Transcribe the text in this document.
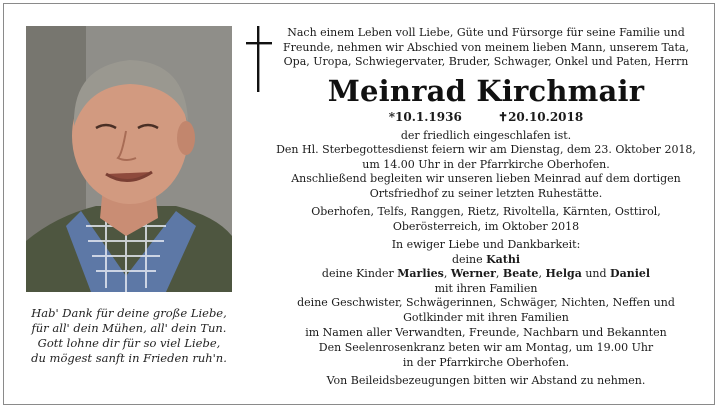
Hab' Dank für deine große Liebe,
für all' dein Mühen, all' dein Tun.
Gott lohne dir für so viel Liebe,
du mögest sanft in Frieden ruh'n.
Nach einem Leben voll Liebe, Güte und Fürsorge für seine Familie und
Freunde, nehmen wir Abschied von meinem lieben Mann, unserem Tata,
Opa, Uropa, Schwiegervater, Bruder, Schwager, Onkel und Paten, Herrn
Meinrad Kirchmair
*10.1.1936	✝20.10.2018
der friedlich eingeschlafen ist.
Den Hl. Sterbegottesdienst feiern wir am Dienstag, dem 23. Oktober 2018,
um 14.00 Uhr in der Pfarrkirche Oberhofen.
Anschließend begleiten wir unseren lieben Meinrad auf dem dortigen
Ortsfriedhof zu seiner letzten Ruhestätte.
Oberhofen, Telfs, Ranggen, Rietz, Rivoltella, Kärnten, Osttirol,
Oberösterreich, im Oktober 2018
In ewiger Liebe und Dankbarkeit:
deine Kathi
deine Kinder Marlies, Werner, Beate, Helga und Daniel
mit ihren Familien
deine Geschwister, Schwägerinnen, Schwäger, Nichten, Neffen und
Gotlkinder mit ihren Familien
im Namen aller Verwandten, Freunde, Nachbarn und Bekannten
Den Seelenrosenkranz beten wir am Montag, um 19.00 Uhr
in der Pfarrkirche Oberhofen.
Von Beileidsbezeugungen bitten wir Abstand zu nehmen.
